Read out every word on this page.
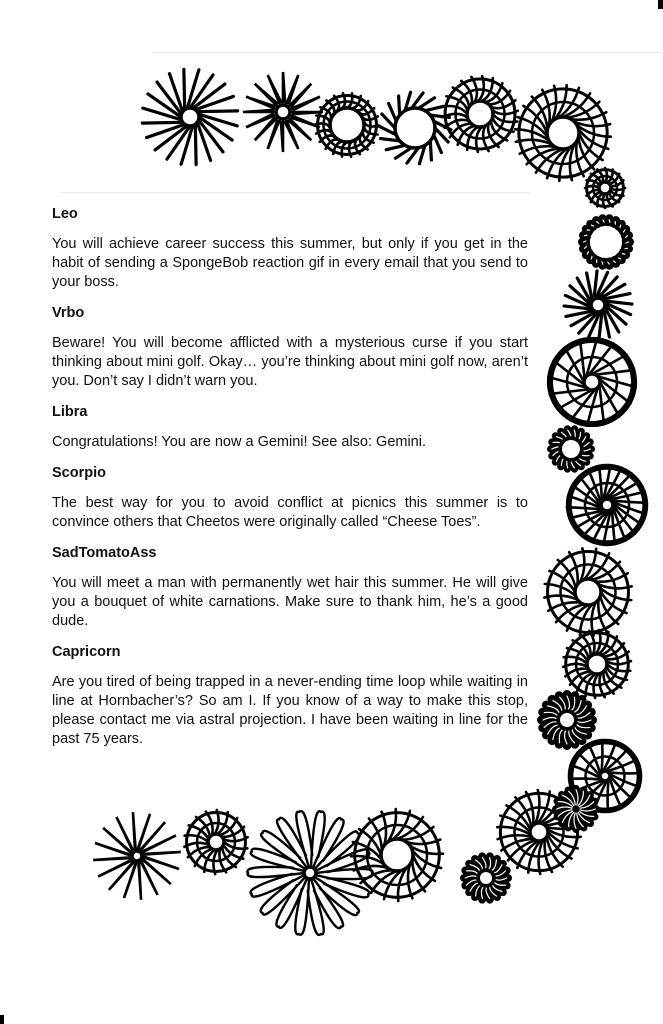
Leo

You will achieve career success this summer, but only if you get in the habit of sending a SpongeBob reaction gif in every email that you send to your boss.

Vrbo

Beware! You will become afflicted with a mysterious curse if you start thinking about mini golf. Okay… you’re thinking about mini golf now, aren’t you. Don’t say I didn’t warn you.

Libra

Congratulations! You are now a Gemini! See also: Gemini.

Scorpio

The best way for you to avoid conflict at picnics this summer is to convince others that Cheetos were originally called “Cheese Toes”.

SadTomatoAss

You will meet a man with permanently wet hair this summer. He will give you a bouquet of white carnations. Make sure to thank him, he’s a good dude.

Capricorn

Are you tired of being trapped in a never-ending time loop while waiting in line at Hornbacher’s? So am I. If you know of a way to make this stop, please contact me via astral projection. I have been waiting in line for the past 75 years.
